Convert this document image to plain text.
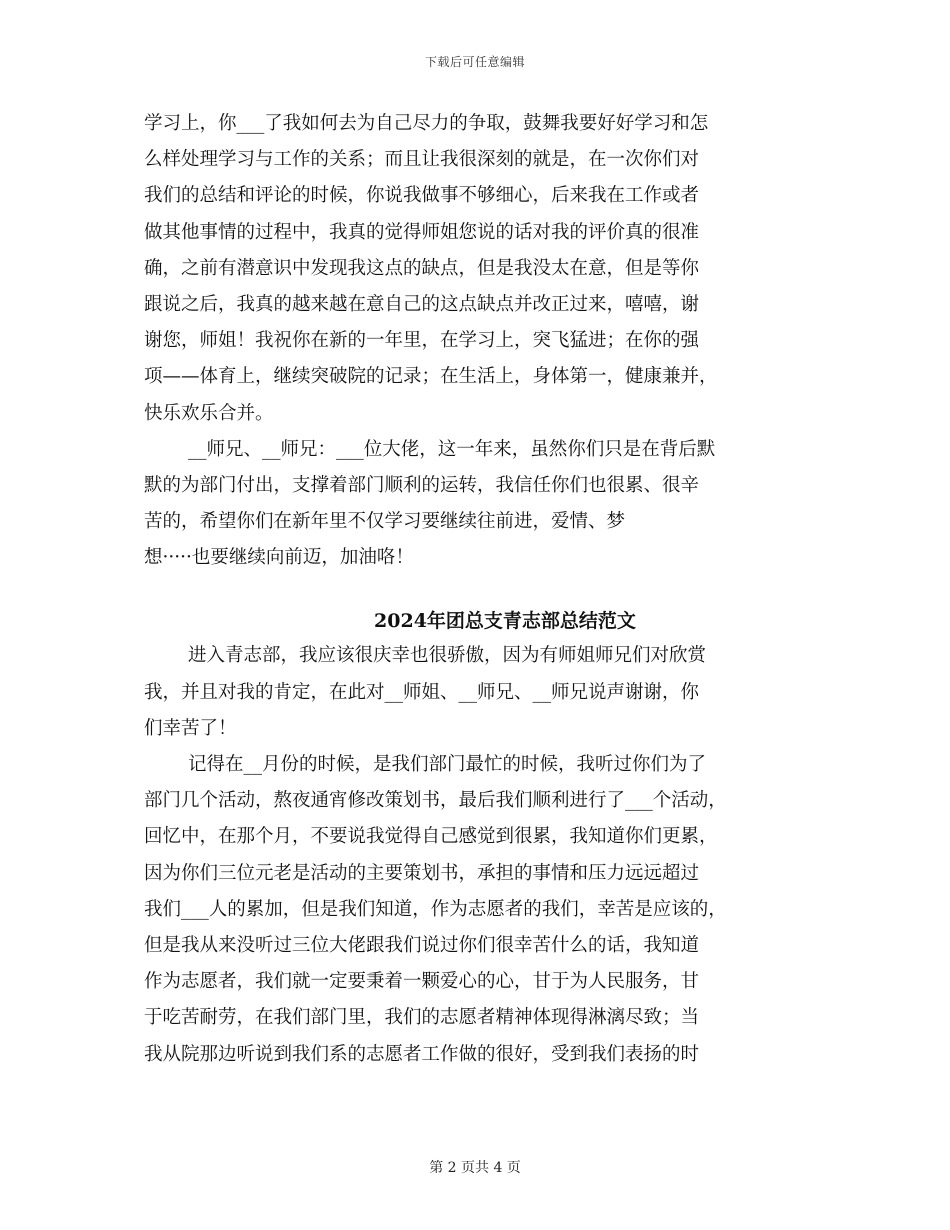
下载后可任意编辑
学习上，你___了我如何去为自己尽力的争取，鼓舞我要好好学习和怎
么样处理学习与工作的关系；而且让我很深刻的就是，在一次你们对
我们的总结和评论的时候，你说我做事不够细心，后来我在工作或者
做其他事情的过程中，我真的觉得师姐您说的话对我的评价真的很准
确，之前有潜意识中发现我这点的缺点，但是我没太在意，但是等你
跟说之后，我真的越来越在意自己的这点缺点并改正过来，嘻嘻，谢
谢您，师姐！我祝你在新的一年里，在学习上，突飞猛进；在你的强
项——体育上，继续突破院的记录；在生活上，身体第一，健康兼并，
快乐欢乐合并。
__师兄、__师兄：___位大佬，这一年来，虽然你们只是在背后默
默的为部门付出，支撑着部门顺利的运转，我信任你们也很累、很辛
苦的，希望你们在新年里不仅学习要继续往前进，爱情、梦
想·····也要继续向前迈，加油咯！
2024年团总支青志部总结范文
进入青志部，我应该很庆幸也很骄傲，因为有师姐师兄们对欣赏
我，并且对我的肯定，在此对__师姐、__师兄、__师兄说声谢谢，你
们幸苦了！
记得在__月份的时候，是我们部门最忙的时候，我听过你们为了
部门几个活动，熬夜通宵修改策划书，最后我们顺利进行了___个活动，
回忆中，在那个月，不要说我觉得自己感觉到很累，我知道你们更累，
因为你们三位元老是活动的主要策划书，承担的事情和压力远远超过
我们___人的累加，但是我们知道，作为志愿者的我们，幸苦是应该的，
但是我从来没听过三位大佬跟我们说过你们很幸苦什么的话，我知道
作为志愿者，我们就一定要秉着一颗爱心的心，甘于为人民服务，甘
于吃苦耐劳，在我们部门里，我们的志愿者精神体现得淋漓尽致；当
我从院那边听说到我们系的志愿者工作做的很好，受到我们表扬的时
第 2 页共 4 页
